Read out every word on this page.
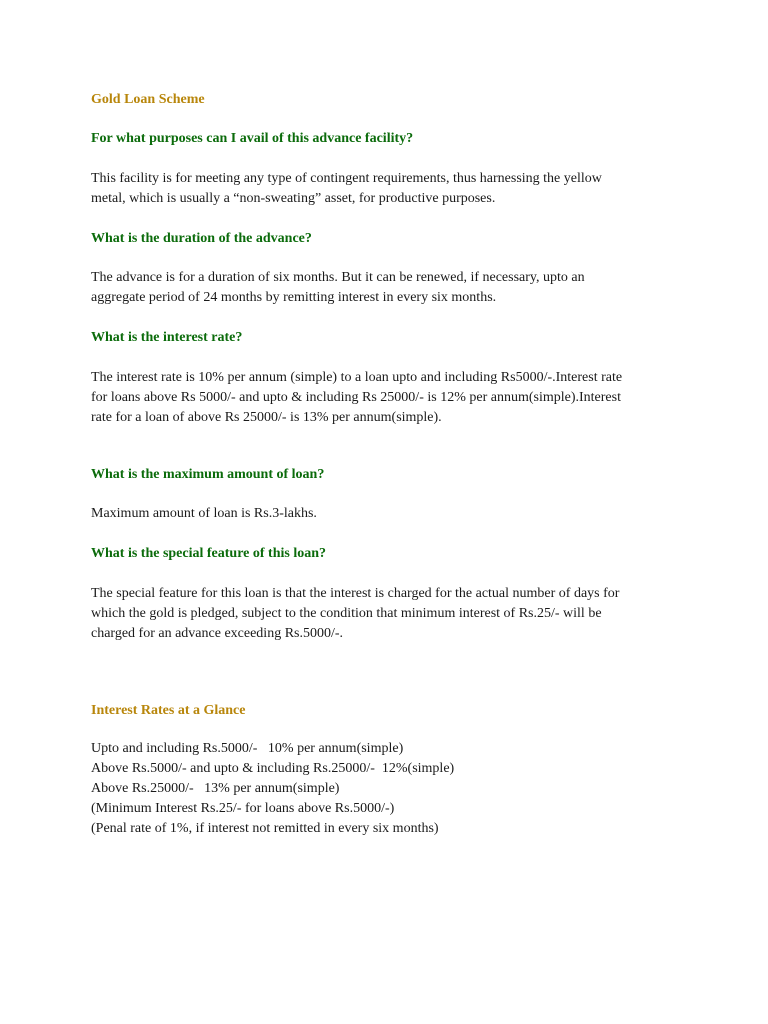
Gold Loan Scheme

For what purposes can I avail of this advance facility?

This facility is for meeting any type of contingent requirements, thus harnessing the yellow
metal, which is usually a “non-sweating” asset, for productive purposes.

What is the duration of the advance?

The advance is for a duration of six months. But it can be renewed, if necessary, upto an
aggregate period of 24 months by remitting interest in every six months.

What is the interest rate?

The interest rate is 10% per annum (simple) to a loan upto and including Rs5000/-.Interest rate
for loans above Rs 5000/- and upto & including Rs 25000/- is 12% per annum(simple).Interest
rate for a loan of above Rs 25000/- is 13% per annum(simple).

What is the maximum amount of loan?

Maximum amount of loan is Rs.3-lakhs.

What is the special feature of this loan?

The special feature for this loan is that the interest is charged for the actual number of days for
which the gold is pledged, subject to the condition that minimum interest of Rs.25/- will be
charged for an advance exceeding Rs.5000/-.

Interest Rates at a Glance

Upto and including Rs.5000/-   10% per annum(simple)
Above Rs.5000/- and upto & including Rs.25000/-  12%(simple)
Above Rs.25000/-   13% per annum(simple)
(Minimum Interest Rs.25/- for loans above Rs.5000/-)
(Penal rate of 1%, if interest not remitted in every six months)
